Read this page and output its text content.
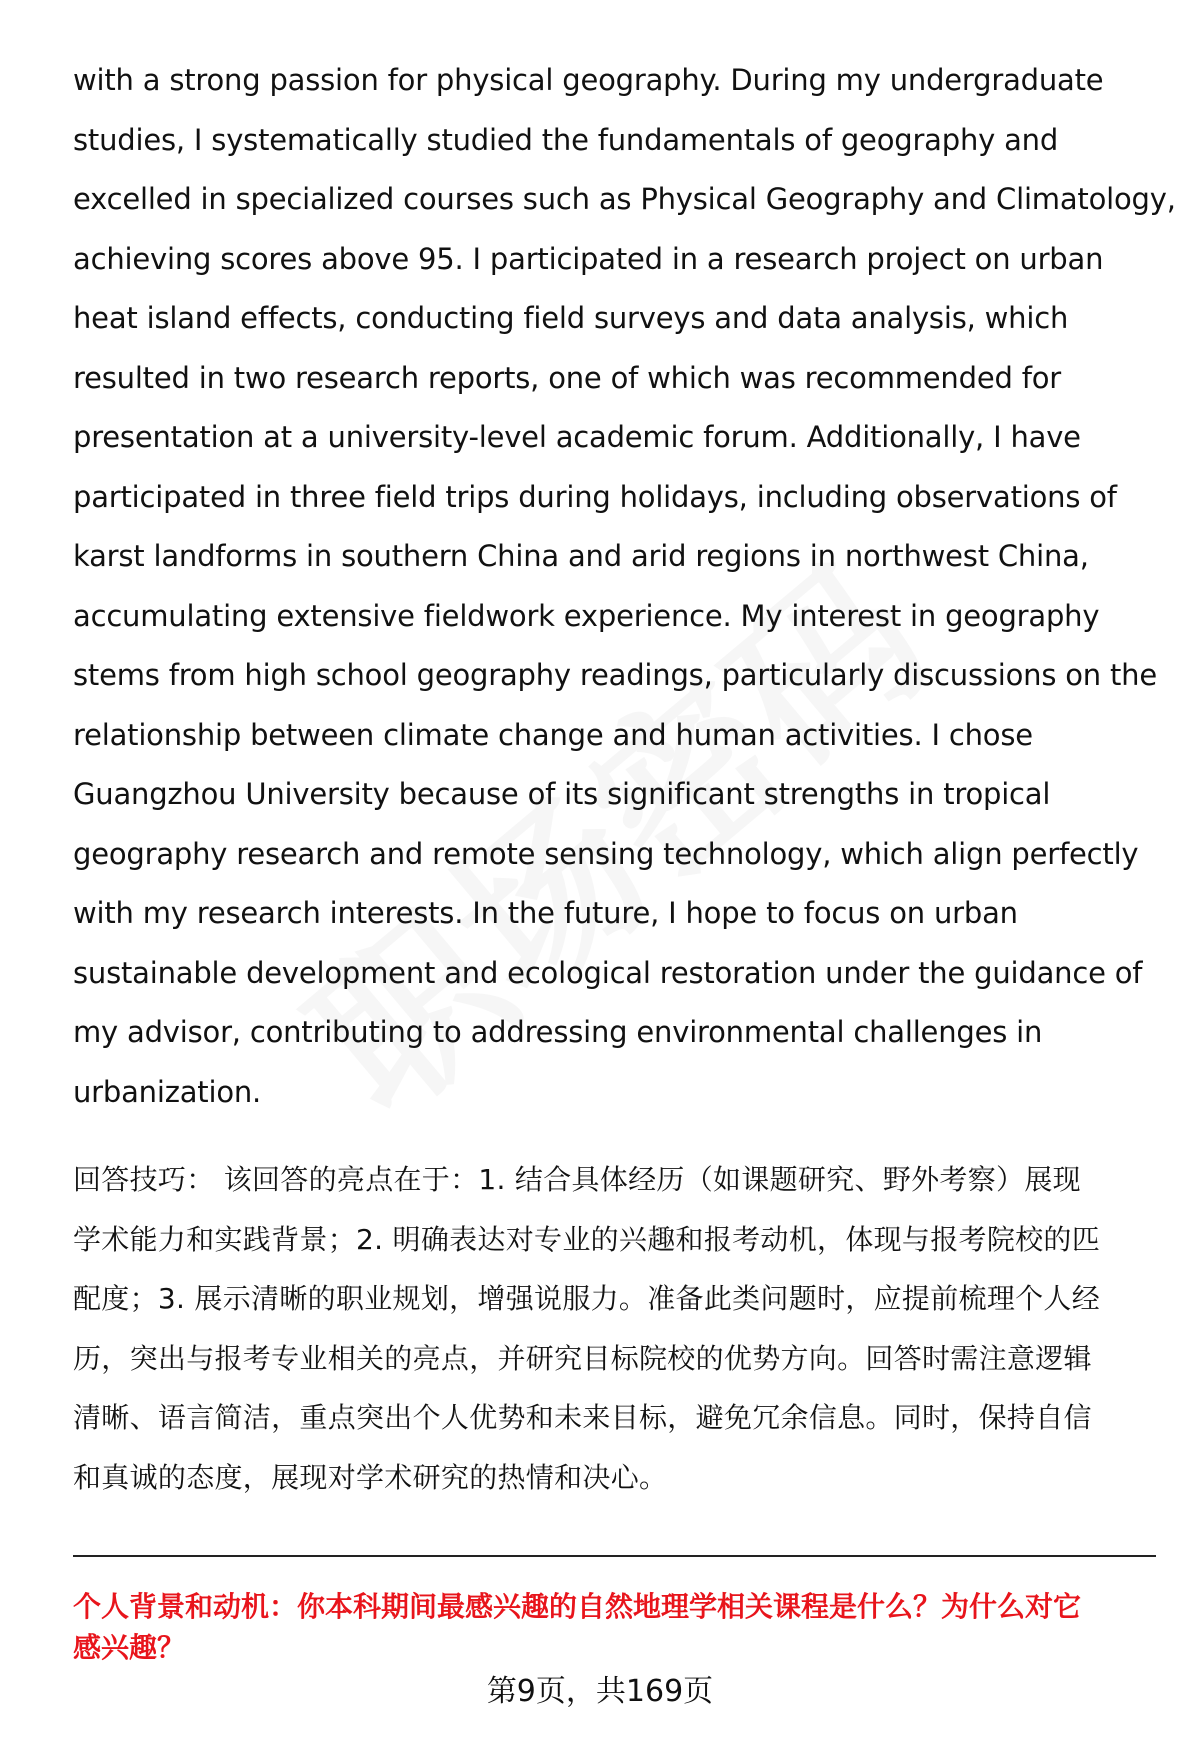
with a strong passion for physical geography. During my undergraduate
studies, I systematically studied the fundamentals of geography and
excelled in specialized courses such as Physical Geography and Climatology,
achieving scores above 95. I participated in a research project on urban
heat island effects, conducting field surveys and data analysis, which
resulted in two research reports, one of which was recommended for
presentation at a university-level academic forum. Additionally, I have
participated in three field trips during holidays, including observations of
karst landforms in southern China and arid regions in northwest China,
accumulating extensive fieldwork experience. My interest in geography
stems from high school geography readings, particularly discussions on the
relationship between climate change and human activities. I chose
Guangzhou University because of its significant strengths in tropical
geography research and remote sensing technology, which align perfectly
with my research interests. In the future, I hope to focus on urban
sustainable development and ecological restoration under the guidance of
my advisor, contributing to addressing environmental challenges in
urbanization.
回答技巧： 该回答的亮点在于：1. 结合具体经历（如课题研究、野外考察）展现
学术能力和实践背景；2. 明确表达对专业的兴趣和报考动机，体现与报考院校的匹
配度；3. 展示清晰的职业规划，增强说服力。准备此类问题时，应提前梳理个人经
历，突出与报考专业相关的亮点，并研究目标院校的优势方向。回答时需注意逻辑
清晰、语言简洁，重点突出个人优势和未来目标，避免冗余信息。同时，保持自信
和真诚的态度，展现对学术研究的热情和决心。
个人背景和动机：你本科期间最感兴趣的自然地理学相关课程是什么？为什么对它
感兴趣？
第9页，共169页
